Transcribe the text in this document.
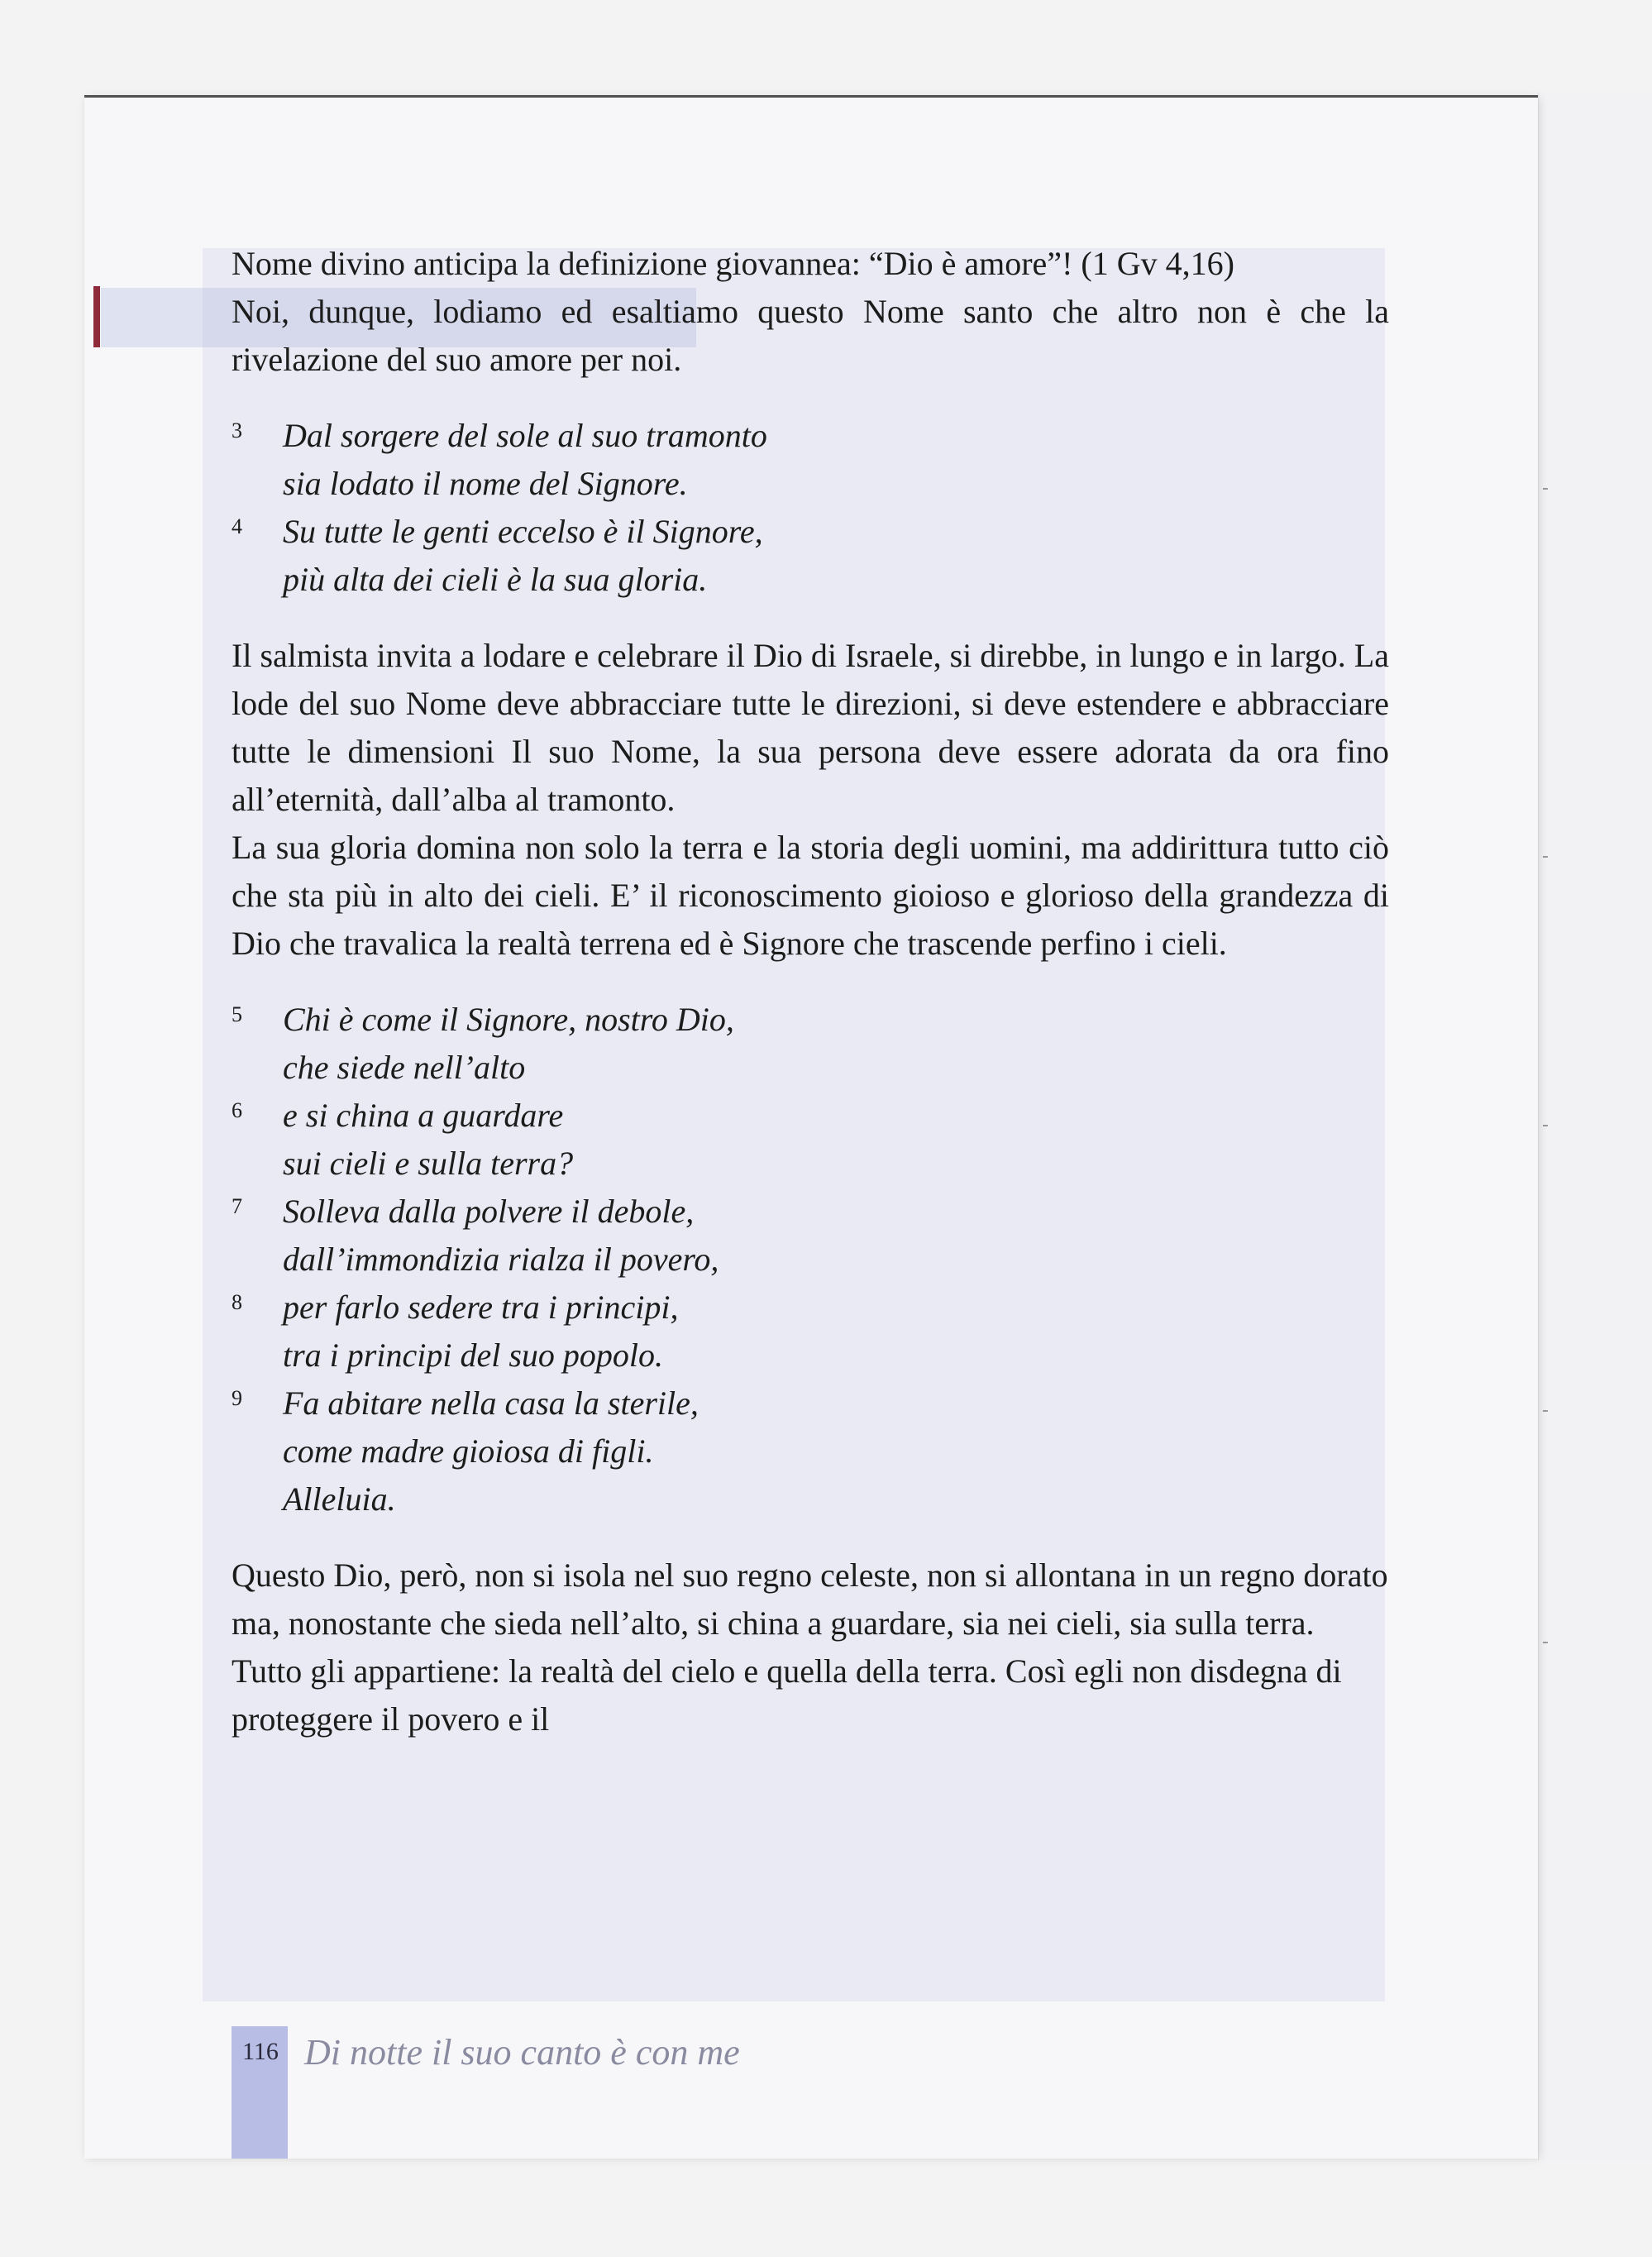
Nome divino anticipa la definizione giovannea: “Dio è amore”! (1 Gv 4,16)

Noi, dunque, lodiamo ed esaltiamo questo Nome santo che altro non è che la rivelazione del suo amore per noi.

3 Dal sorgere del sole al suo tramonto
sia lodato il nome del Signore.
4 Su tutte le genti eccelso è il Signore,
più alta dei cieli è la sua gloria.

Il salmista invita a lodare e celebrare il Dio di Israele, si direbbe, in lungo e in largo. La lode del suo Nome deve abbracciare tutte le direzioni, si deve estendere e abbracciare tutte le dimensioni Il suo Nome, la sua persona deve essere adorata da ora fino all’eternità, dall’alba al tramonto.

La sua gloria domina non solo la terra e la storia degli uomini, ma addirittura tutto ciò che sta più in alto dei cieli. E’ il riconoscimento gioioso e glorioso della grandezza di Dio che travalica la realtà terrena ed è Signore che trascende perfino i cieli.

5 Chi è come il Signore, nostro Dio,
che siede nell’alto
6 e si china a guardare
sui cieli e sulla terra?
7 Solleva dalla polvere il debole,
dall’immondizia rialza il povero,
8 per farlo sedere tra i principi,
tra i principi del suo popolo.
9 Fa abitare nella casa la sterile,
come madre gioiosa di figli.
Alleluia.

Questo Dio, però, non si isola nel suo regno celeste, non si allontana in un regno dorato ma, nonostante che sieda nell’alto, si china a guardare, sia nei cieli, sia sulla terra. Tutto gli appartiene: la realtà del cielo e quella della terra. Così egli non disdegna di proteggere il povero e il

116 Di notte il suo canto è con me
